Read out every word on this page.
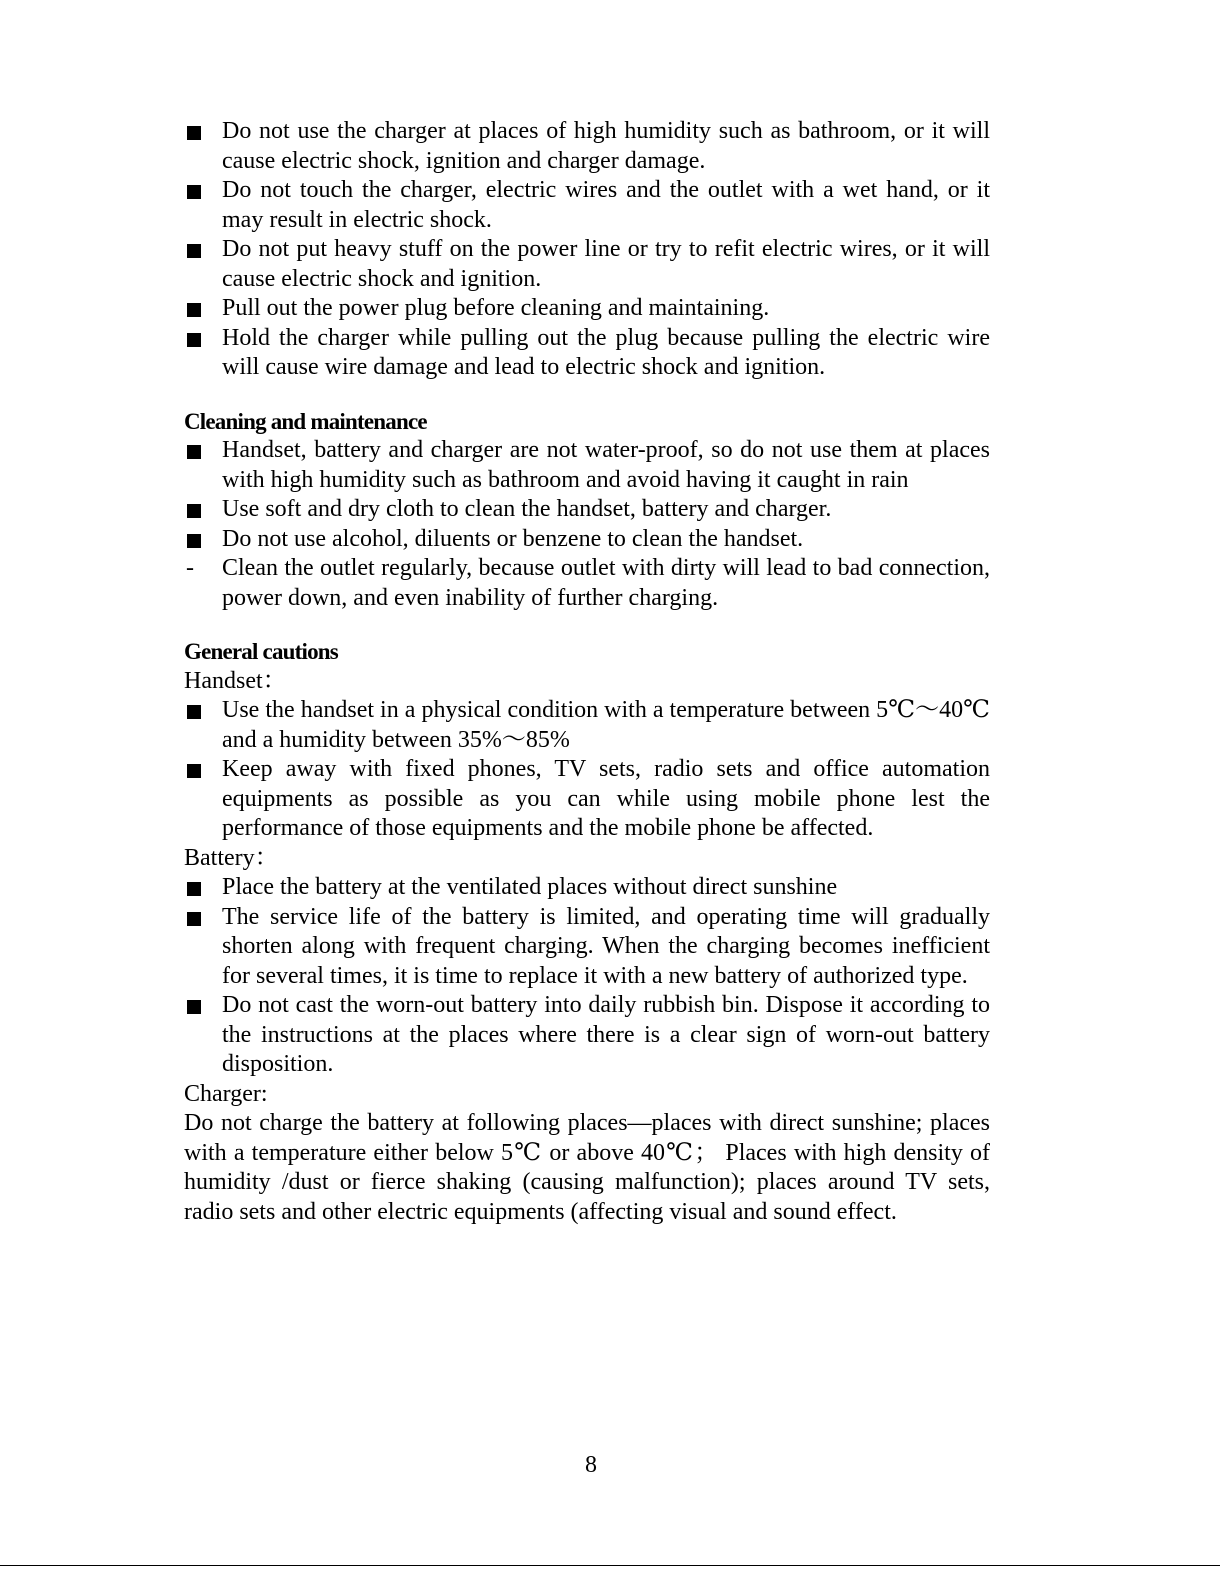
Do not use the charger at places of high humidity such as bathroom, or it will cause electric shock, ignition and charger damage.
Do not touch the charger, electric wires and the outlet with a wet hand, or it may result in electric shock.
Do not put heavy stuff on the power line or try to refit electric wires, or it will cause electric shock and ignition.
Pull out the power plug before cleaning and maintaining.
Hold the charger while pulling out the plug because pulling the electric wire will cause wire damage and lead to electric shock and ignition.
Cleaning and maintenance
Handset, battery and charger are not water-proof, so do not use them at places with high humidity such as bathroom and avoid having it caught in rain
Use soft and dry cloth to clean the handset, battery and charger.
Do not use alcohol, diluents or benzene to clean the handset.
- Clean the outlet regularly, because outlet with dirty will lead to bad connection, power down, and even inability of further charging.
General cautions
Handset：
Use the handset in a physical condition with a temperature between 5℃～40℃ and a humidity between 35%～85%
Keep away with fixed phones, TV sets, radio sets and office automation equipments as possible as you can while using mobile phone lest the performance of those equipments and the mobile phone be affected.
Battery：
Place the battery at the ventilated places without direct sunshine
The service life of the battery is limited, and operating time will gradually shorten along with frequent charging. When the charging becomes inefficient for several times, it is time to replace it with a new battery of authorized type.
Do not cast the worn-out battery into daily rubbish bin. Dispose it according to the instructions at the places where there is a clear sign of worn-out battery disposition.
Charger:
Do not charge the battery at following places—places with direct sunshine; places with a temperature either below 5℃ or above 40℃； Places with high density of humidity /dust or fierce shaking (causing malfunction); places around TV sets, radio sets and other electric equipments (affecting visual and sound effect.
8
